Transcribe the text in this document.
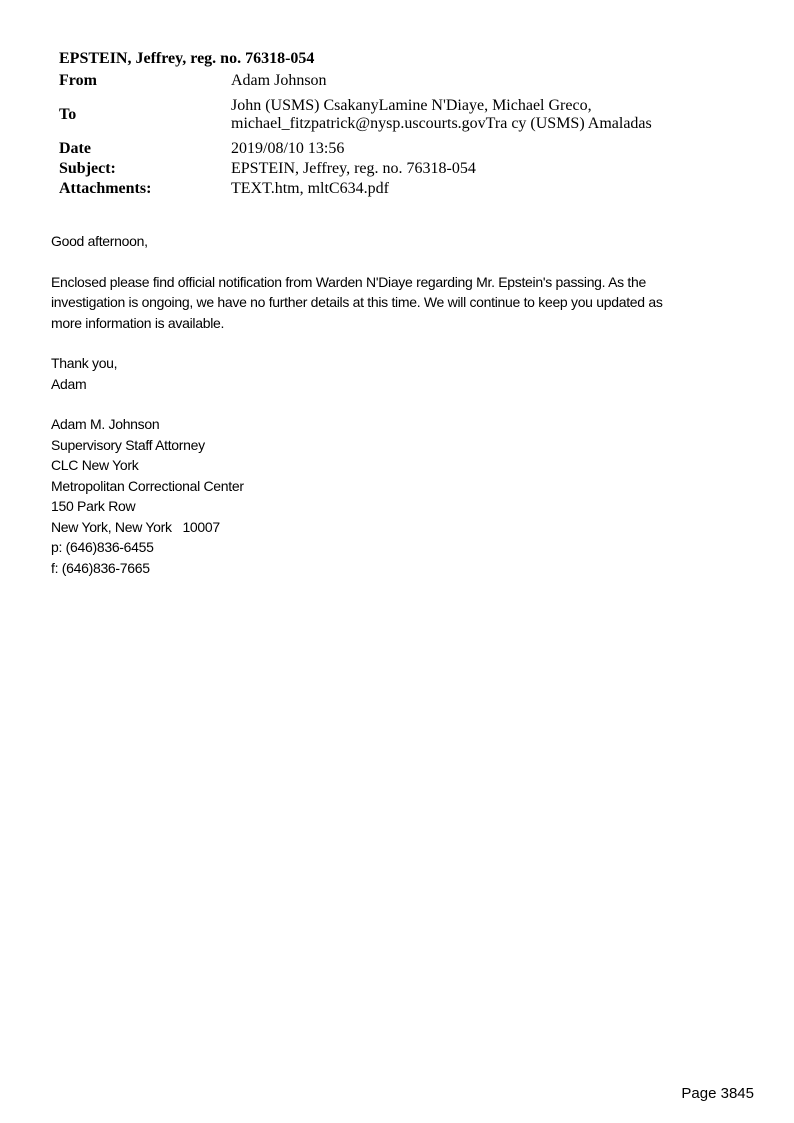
EPSTEIN, Jeffrey, reg. no. 76318-054
From	Adam Johnson
To	John (USMS) CsakanyLamine N'Diaye, Michael Greco,
michael_fitzpatrick@nysp.uscourts.govTra cy (USMS) Amaladas

Date	2019/08/10 13:56
Subject:	EPSTEIN, Jeffrey, reg. no. 76318-054
Attachments:	TEXT.htm, mltC634.pdf

Good afternoon,

Enclosed please find official notification from Warden N'Diaye regarding Mr. Epstein's passing. As the
investigation is ongoing, we have no further details at this time. We will continue to keep you updated as
more information is available.

Thank you,
Adam

Adam M. Johnson
Supervisory Staff Attorney
CLC New York
Metropolitan Correctional Center
150 Park Row
New York, New York   10007
p: (646)836-6455
f: (646)836-7665

Page 3845
